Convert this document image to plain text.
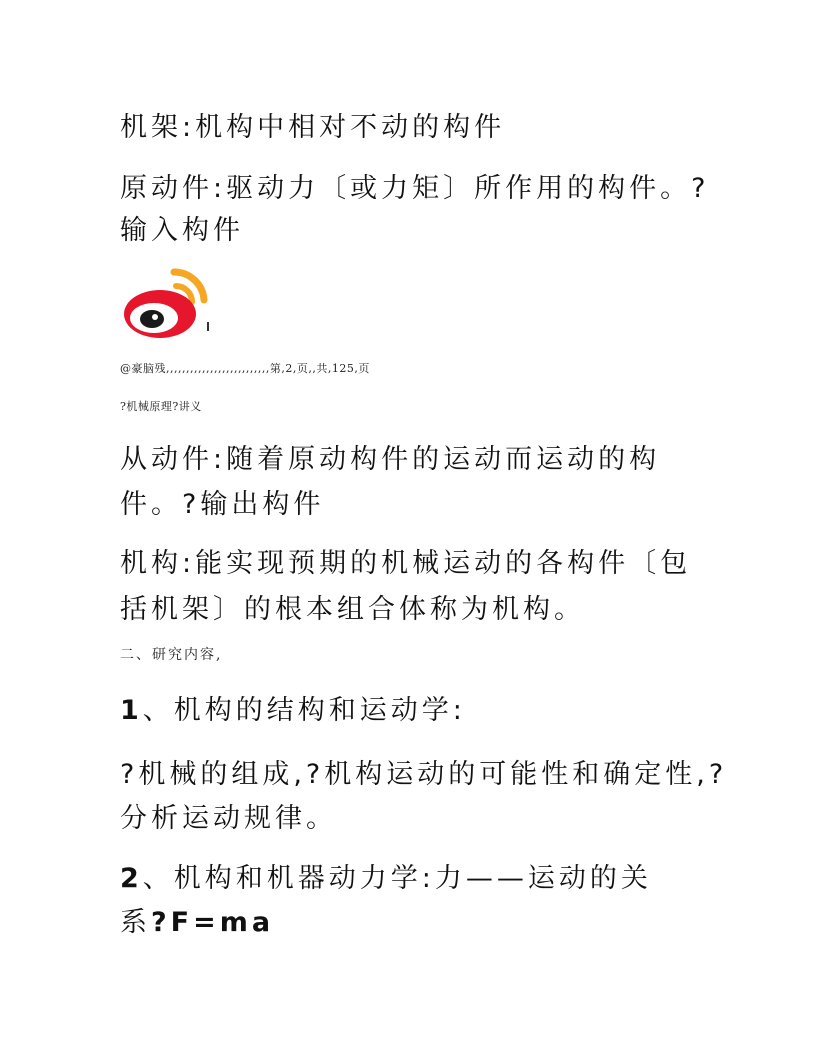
机架:机构中相对不动的构件

原动件:驱动力〔或力矩〕所作用的构件。?

输入构件

@豪脑残,,,,,,,,,,,,,,,,,,,,,,,,,,第,2,页,,共,125,页

?机械原理?讲义

从动件:随着原动构件的运动而运动的构

件。?输出构件

机构:能实现预期的机械运动的各构件〔包

括机架〕的根本组合体称为机构。

二、研究内容,

1、机构的结构和运动学:

?机械的组成,?机构运动的可能性和确定性,?

分析运动规律。

2、机构和机器动力学:力——运动的关

系?F=ma
